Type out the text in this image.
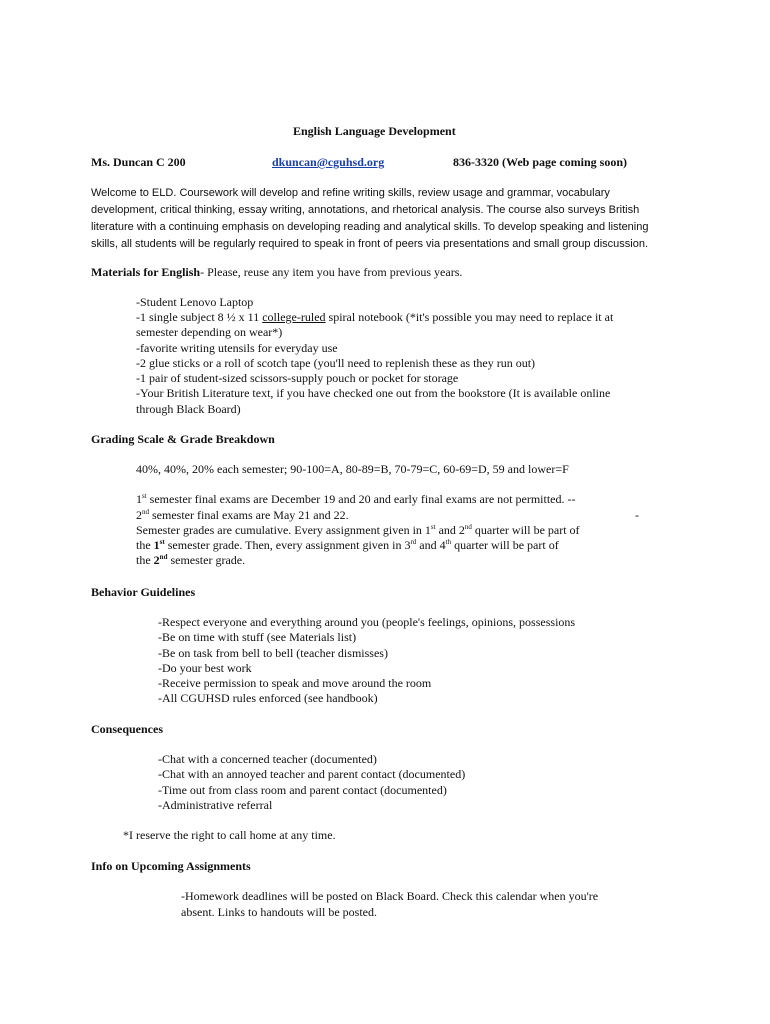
English Language Development

Ms. Duncan C 200	dkuncan@cguhsd.org	836-3320 (Web page coming soon)

Welcome to ELD. Coursework will develop and refine writing skills, review usage and grammar, vocabulary

development, critical thinking, essay writing, annotations, and rhetorical analysis. The course also surveys British

literature with a continuing emphasis on developing reading and analytical skills. To develop speaking and listening

skills, all students will be regularly required to speak in front of peers via presentations and small group discussion.

Materials for English- Please, reuse any item you have from previous years.

-Student Lenovo Laptop

-1 single subject 8 ½ x 11 college-ruled spiral notebook (*it's possible you may need to replace it at

semester depending on wear*)

-favorite writing utensils for everyday use

-2 glue sticks or a roll of scotch tape (you'll need to replenish these as they run out)

-1 pair of student-sized scissors-supply pouch or pocket for storage

-Your British Literature text, if you have checked one out from the bookstore (It is available online

through Black Board)

Grading Scale & Grade Breakdown

40%, 40%, 20% each semester; 90-100=A, 80-89=B, 70-79=C, 60-69=D, 59 and lower=F

1st semester final exams are December 19 and 20 and early final exams are not permitted. --

2nd semester final exams are May 21 and 22.	-

Semester grades are cumulative. Every assignment given in 1st and 2nd quarter will be part of

the 1st semester grade. Then, every assignment given in 3rd and 4th quarter will be part of

the 2nd semester grade.

Behavior Guidelines

-Respect everyone and everything around you (people's feelings, opinions, possessions
-Be on time with stuff (see Materials list)
-Be on task from bell to bell (teacher dismisses)
-Do your best work
-Receive permission to speak and move around the room
-All CGUHSD rules enforced (see handbook)

Consequences

-Chat with a concerned teacher (documented)
-Chat with an annoyed teacher and parent contact (documented)
-Time out from class room and parent contact (documented)
-Administrative referral

*I reserve the right to call home at any time.

Info on Upcoming Assignments

-Homework deadlines will be posted on Black Board. Check this calendar when you're

absent. Links to handouts will be posted.
